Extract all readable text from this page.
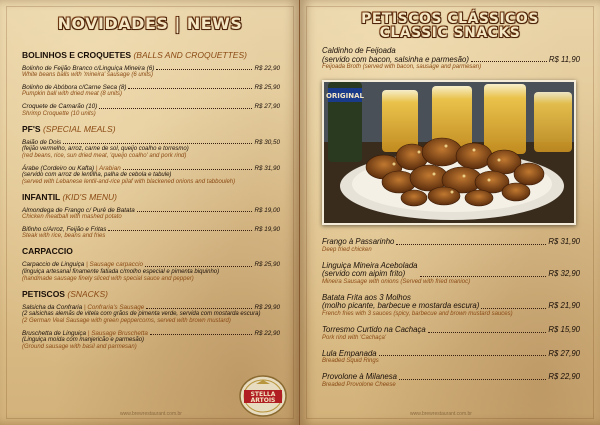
NOVIDADES | NEWS
BOLINHOS E CROQUETES (BALLS AND CROQUETTES)
Bolinho de Feijão Branco c/Linguiça Mineira (6)	R$ 22,90
White beans balls with 'mineira' sausage (6 units)
Bolinho de Abóbora c/Carne Seca (8)	R$ 25,90
Pumpkin ball with dried meat (8 units)
Croquete de Camarão (10)	R$ 27,90
Shrimp Croquette (10 units)
PF'S (SPECIAL MEALS)
Baião de Dois	R$ 30,50
(feijão vermelho, arroz, carne de sol, queijo coalho e torresmo)
(red beans, rice, sun dried meat, 'queijo coalho' and pork rind)
Árabe (Cordeiro ou Kafta) | Arabian	R$ 31,90
(servido com arroz de lentilha, palha de cebola e tabule)
(served with Lebanese lentil-and-rice pilaf with blackened onions and tabbouleh)
INFANTIL (KID'S MENU)
Almondega de Frango c/ Purê de Batata	R$ 19,00
Chicken meatball with mashed potato
Bifinho c/Arroz, Feijão e Fritas	R$ 19,90
Steak with rice, beans and fries
CARPACCIO
Carpaccio de Linguiça | Sausage carpaccio	R$ 25,90
(linguiça artesanal finamente fatiada c/molho especial e pimenta biquinho)
(handmade sausage finely sliced with special sauce and pepper)
PETISCOS (SNACKS)
Salsicha da Confraria | Confraria's Sausage	R$ 29,90
(2 salsichas alemãs de vitela com grãos de pimenta verde, servida com mostarda escura)
(2 German Veal Sausage with green peppercorns, served with brown mustard)
Bruschetta de Linguiça | Sausage Bruschetta	R$ 22,90
(Linguiça moída com manjericão e parmesão)
(Ground sausage with basil and parmesan)
STELLA
ARTOIS
www.brewrestaurant.com.br
PETISCOS CLÁSSICOS
CLASSIC SNACKS
Caldinho de Feijoada
(servido com bacon, salsinha e parmesão)	R$ 11,90
Feijoada Broth (served with bacon, sausage and parmesan)
ORIGINAL
Frango à Passarinho	R$ 31,90
Deep fried chicken
Linguiça Mineira Acebolada
(servido com aipim frito)	R$ 32,90
Mineira Sausage with onions (Served with fried manioc)
Batata Frita aos 3 Molhos
(molho picante, barbecue e mostarda escura)	R$ 21,90
French fries with 3 sauces (spicy, barbecue and brown mustard sauces)
Torresmo Curtido na Cachaça	R$ 15,90
Pork rind with 'Cachaça'
Lula Empanada	R$ 27,90
Breaded Squid Rings
Provolone à Milanesa	R$ 22,90
Breaded Provolone Cheese
www.brewrestaurant.com.br
